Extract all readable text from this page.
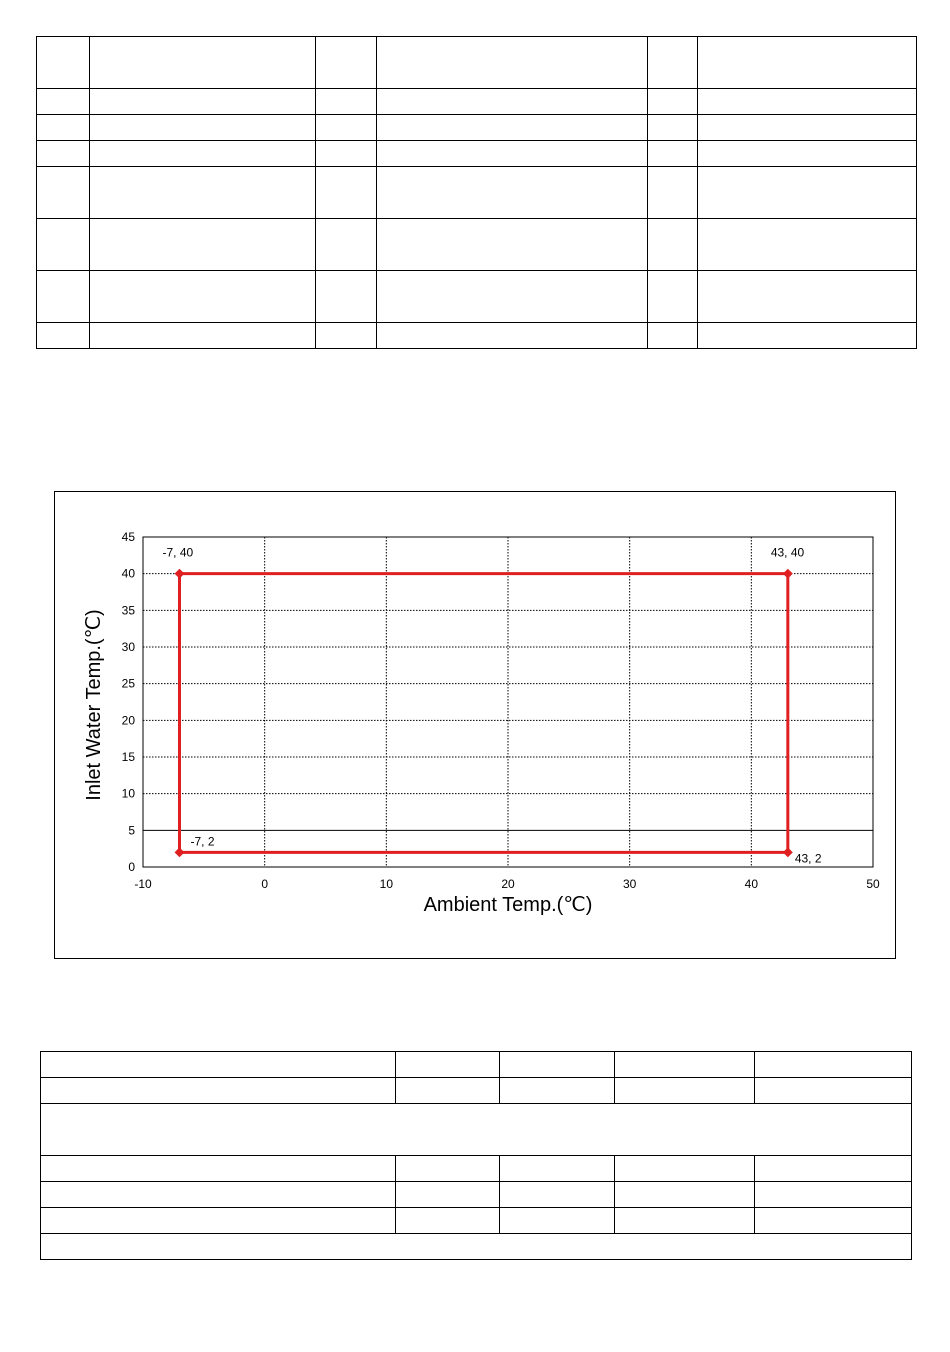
0
5
10
15
20
25
30
35
40
45
-10	0	10	20	30	40	50
-7, 2
-7, 40	43, 40
43, 2
Ambient Temp.(℃)
Inlet Water Temp.(℃)
